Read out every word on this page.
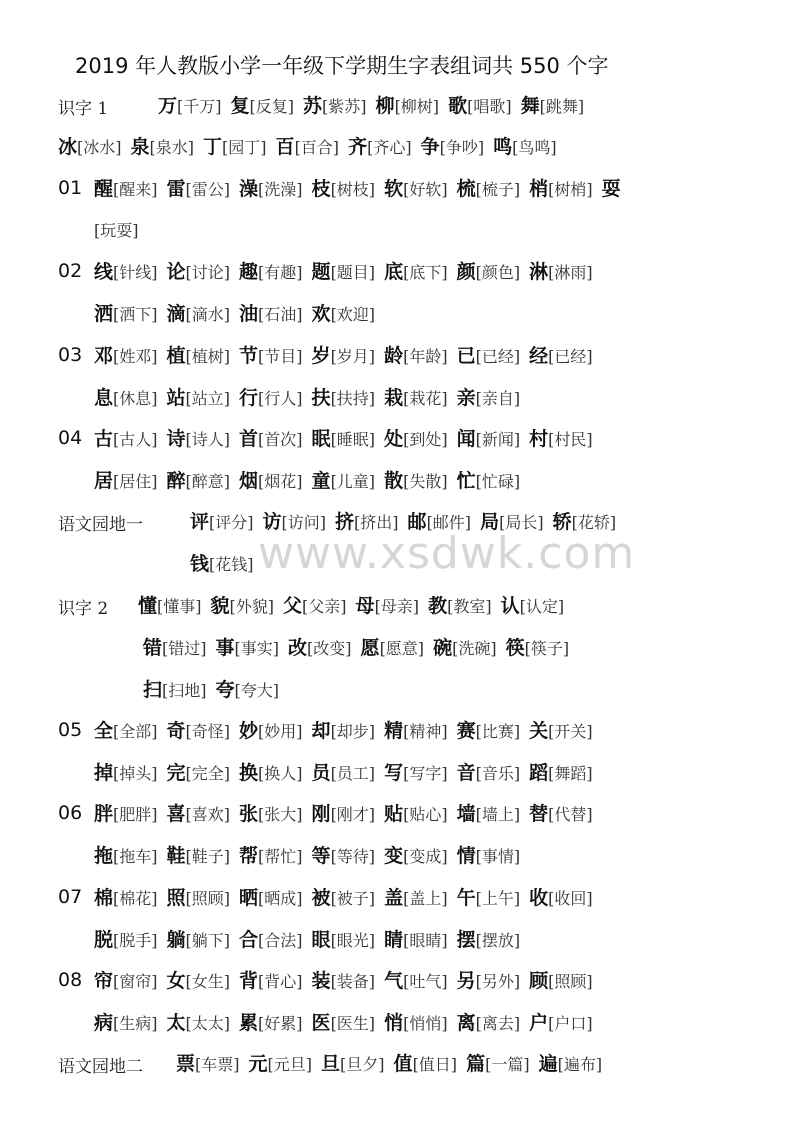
2019 年人教版小学一年级下学期生字表组词共 550 个字
识字 1	万[千万] 复[反复] 苏[紫苏] 柳[柳树] 歌[唱歌] 舞[跳舞]
冰[冰水] 泉[泉水] 丁[园丁] 百[百合] 齐[齐心] 争[争吵] 鸣[鸟鸣]
01 醒[醒来] 雷[雷公] 澡[洗澡] 枝[树枝] 软[好软] 梳[梳子] 梢[树梢] 耍
[玩耍]
02 线[针线] 论[讨论] 趣[有趣] 题[题目] 底[底下] 颜[颜色] 淋[淋雨]
洒[洒下] 滴[滴水] 油[石油] 欢[欢迎]
03 邓[姓邓] 植[植树] 节[节目] 岁[岁月] 龄[年龄] 已[已经] 经[已经]
息[休息] 站[站立] 行[行人] 扶[扶持] 栽[栽花] 亲[亲自]
04 古[古人] 诗[诗人] 首[首次] 眠[睡眠] 处[到处] 闻[新闻] 村[村民]
居[居住] 醉[醉意] 烟[烟花] 童[儿童] 散[失散] 忙[忙碌]
语文园地一 评[评分] 访[访问] 挤[挤出] 邮[邮件] 局[局长] 轿[花轿]
钱[花钱]
识字 2 懂[懂事] 貌[外貌] 父[父亲] 母[母亲] 教[教室] 认[认定]
错[错过] 事[事实] 改[改变] 愿[愿意] 碗[洗碗] 筷[筷子]
扫[扫地] 夸[夸大]
05 全[全部] 奇[奇怪] 妙[妙用] 却[却步] 精[精神] 赛[比赛] 关[开关]
掉[掉头] 完[完全] 换[换人] 员[员工] 写[写字] 音[音乐] 蹈[舞蹈]
06 胖[肥胖] 喜[喜欢] 张[张大] 刚[刚才] 贴[贴心] 墙[墙上] 替[代替]
拖[拖车] 鞋[鞋子] 帮[帮忙] 等[等待] 变[变成] 情[事情]
07 棉[棉花] 照[照顾] 晒[晒成] 被[被子] 盖[盖上] 午[上午] 收[收回]
脱[脱手] 躺[躺下] 合[合法] 眼[眼光] 睛[眼睛] 摆[摆放]
08 帘[窗帘] 女[女生] 背[背心] 装[装备] 气[吐气] 另[另外] 顾[照顾]
病[生病] 太[太太] 累[好累] 医[医生] 悄[悄悄] 离[离去] 户[户口]
语文园地二 票[车票] 元[元旦] 旦[旦夕] 值[值日] 篇[一篇] 遍[遍布]
www.xsdwk.com
